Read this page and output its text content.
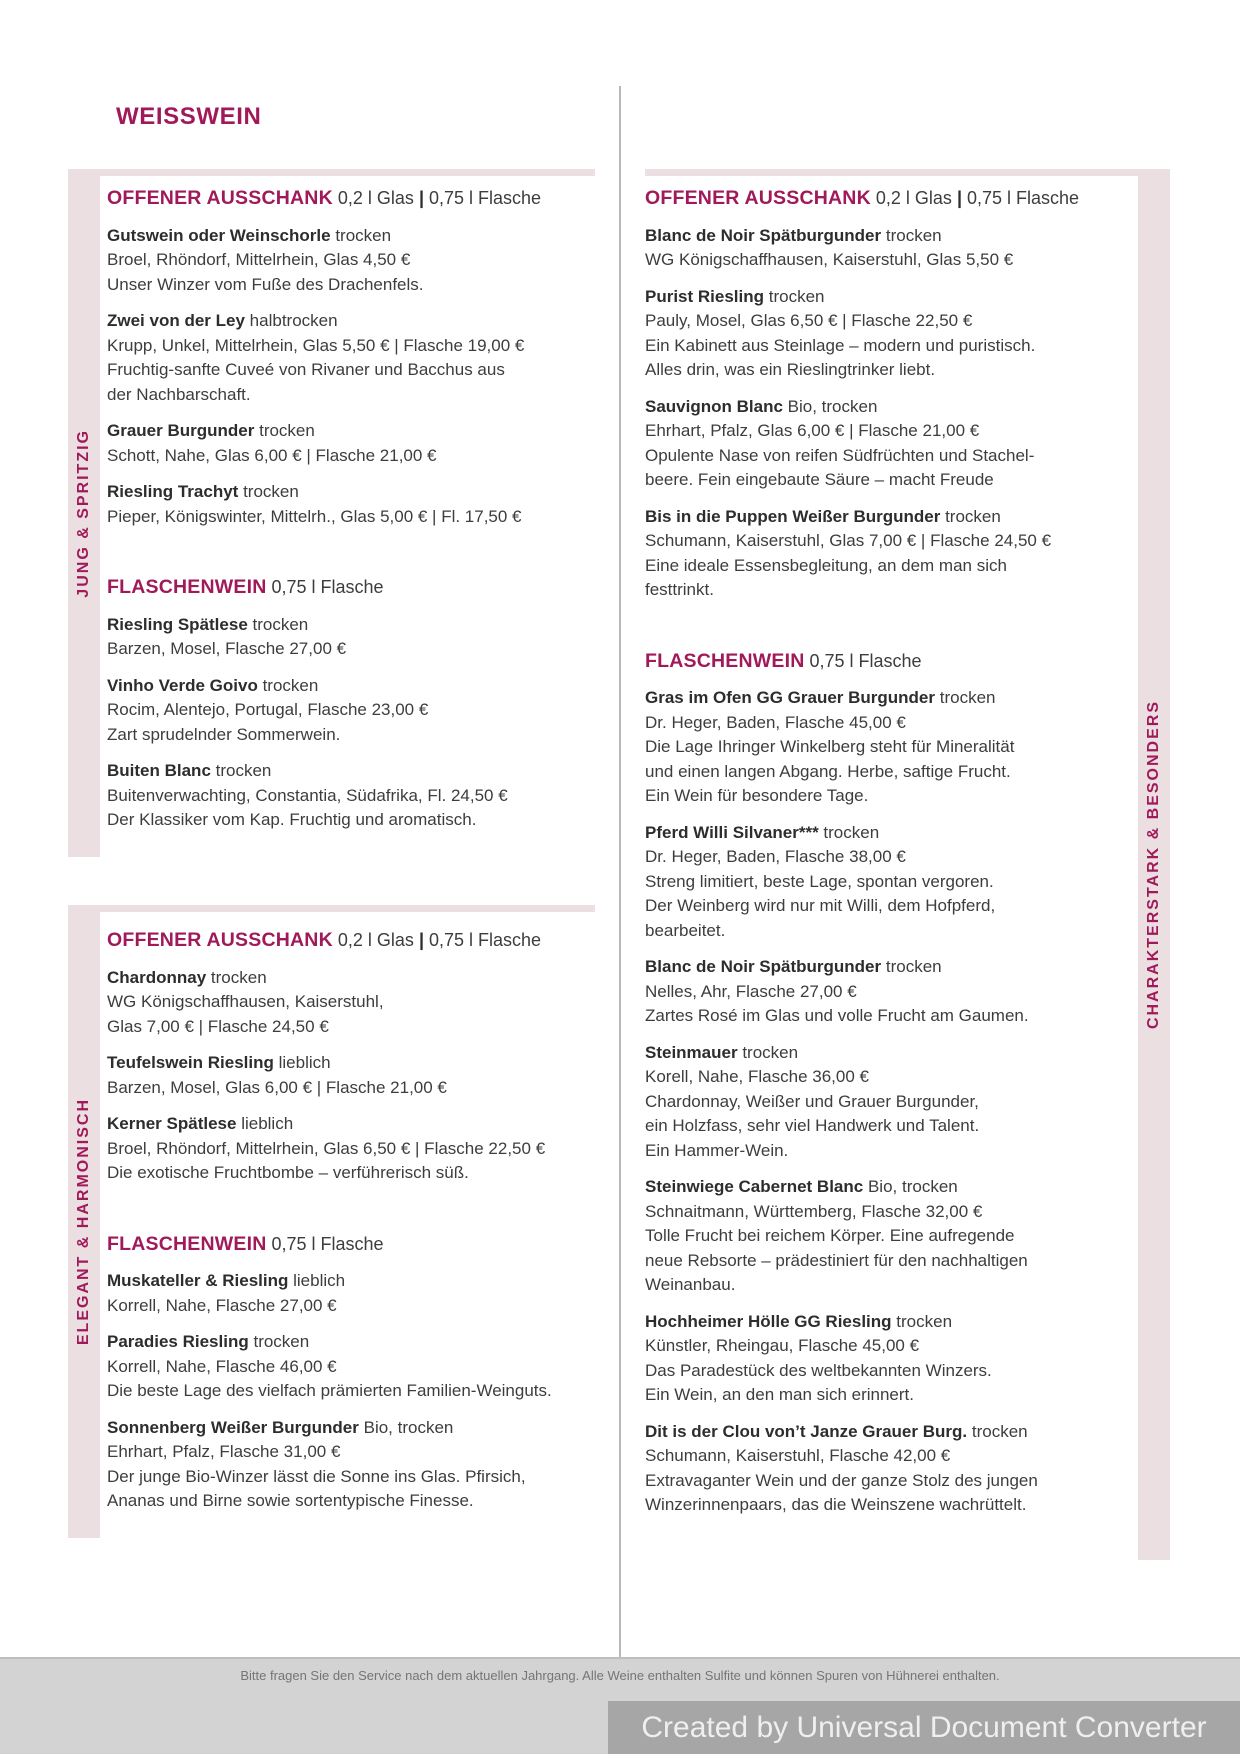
WEISSWEIN
JUNG & SPRITZIG
OFFENER AUSSCHANK 0,2 l Glas | 0,75 l Flasche
Gutswein oder Weinschorle trocken
Broel, Rhöndorf, Mittelrhein, Glas 4,50 €
Unser Winzer vom Fuße des Drachenfels.
Zwei von der Ley halbtrocken
Krupp, Unkel, Mittelrhein, Glas 5,50 € | Flasche 19,00 €
Fruchtig-sanfte Cuveé von Rivaner und Bacchus aus
der Nachbarschaft.
Grauer Burgunder trocken
Schott, Nahe, Glas 6,00 € | Flasche 21,00 €
Riesling Trachyt trocken
Pieper, Königswinter, Mittelrh., Glas 5,00 € | Fl. 17,50 €
FLASCHENWEIN 0,75 l Flasche
Riesling Spätlese trocken
Barzen, Mosel, Flasche 27,00 €
Vinho Verde Goivo trocken
Rocim, Alentejo, Portugal, Flasche 23,00 €
Zart sprudelnder Sommerwein.
Buiten Blanc trocken
Buitenverwachting, Constantia, Südafrika, Fl. 24,50 €
Der Klassiker vom Kap. Fruchtig und aromatisch.
ELEGANT & HARMONISCH
OFFENER AUSSCHANK 0,2 l Glas | 0,75 l Flasche
Chardonnay trocken
WG Königschaffhausen, Kaiserstuhl,
Glas 7,00 € | Flasche 24,50 €
Teufelswein Riesling lieblich
Barzen, Mosel, Glas 6,00 € | Flasche 21,00 €
Kerner Spätlese lieblich
Broel, Rhöndorf, Mittelrhein, Glas 6,50 € | Flasche 22,50 €
Die exotische Fruchtbombe – verführerisch süß.
FLASCHENWEIN 0,75 l Flasche
Muskateller & Riesling lieblich
Korrell, Nahe, Flasche 27,00 €
Paradies Riesling trocken
Korrell, Nahe, Flasche 46,00 €
Die beste Lage des vielfach prämierten Familien-Weinguts.
Sonnenberg Weißer Burgunder Bio, trocken
Ehrhart, Pfalz, Flasche 31,00 €
Der junge Bio-Winzer lässt die Sonne ins Glas. Pfirsich,
Ananas und Birne sowie sortentypische Finesse.
CHARAKTERSTARK & BESONDERS
OFFENER AUSSCHANK 0,2 l Glas | 0,75 l Flasche
Blanc de Noir Spätburgunder trocken
WG Königschaffhausen, Kaiserstuhl, Glas 5,50 €
Purist Riesling trocken
Pauly, Mosel, Glas 6,50 € | Flasche 22,50 €
Ein Kabinett aus Steinlage – modern und puristisch.
Alles drin, was ein Rieslingtrinker liebt.
Sauvignon Blanc Bio, trocken
Ehrhart, Pfalz, Glas 6,00 € | Flasche 21,00 €
Opulente Nase von reifen Südfrüchten und Stachel-
beere. Fein eingebaute Säure – macht Freude
Bis in die Puppen Weißer Burgunder trocken
Schumann, Kaiserstuhl, Glas 7,00 € | Flasche 24,50 €
Eine ideale Essensbegleitung, an dem man sich
festtrinkt.
FLASCHENWEIN 0,75 l Flasche
Gras im Ofen GG Grauer Burgunder trocken
Dr. Heger, Baden, Flasche 45,00 €
Die Lage Ihringer Winkelberg steht für Mineralität
und einen langen Abgang. Herbe, saftige Frucht.
Ein Wein für besondere Tage.
Pferd Willi Silvaner*** trocken
Dr. Heger, Baden, Flasche 38,00 €
Streng limitiert, beste Lage, spontan vergoren.
Der Weinberg wird nur mit Willi, dem Hofpferd,
bearbeitet.
Blanc de Noir Spätburgunder trocken
Nelles, Ahr, Flasche 27,00 €
Zartes Rosé im Glas und volle Frucht am Gaumen.
Steinmauer trocken
Korell, Nahe, Flasche 36,00 €
Chardonnay, Weißer und Grauer Burgunder,
ein Holzfass, sehr viel Handwerk und Talent.
Ein Hammer-Wein.
Steinwiege Cabernet Blanc Bio, trocken
Schnaitmann, Württemberg, Flasche 32,00 €
Tolle Frucht bei reichem Körper. Eine aufregende
neue Rebsorte – prädestiniert für den nachhaltigen
Weinanbau.
Hochheimer Hölle GG Riesling trocken
Künstler, Rheingau, Flasche 45,00 €
Das Paradestück des weltbekannten Winzers.
Ein Wein, an den man sich erinnert.
Dit is der Clou von’t Janze Grauer Burg. trocken
Schumann, Kaiserstuhl, Flasche 42,00 €
Extravaganter Wein und der ganze Stolz des jungen
Winzerinnenpaars, das die Weinszene wachrüttelt.
Bitte fragen Sie den Service nach dem aktuellen Jahrgang. Alle Weine enthalten Sulfite und können Spuren von Hühnerei enthalten.
Created by Universal Document Converter
